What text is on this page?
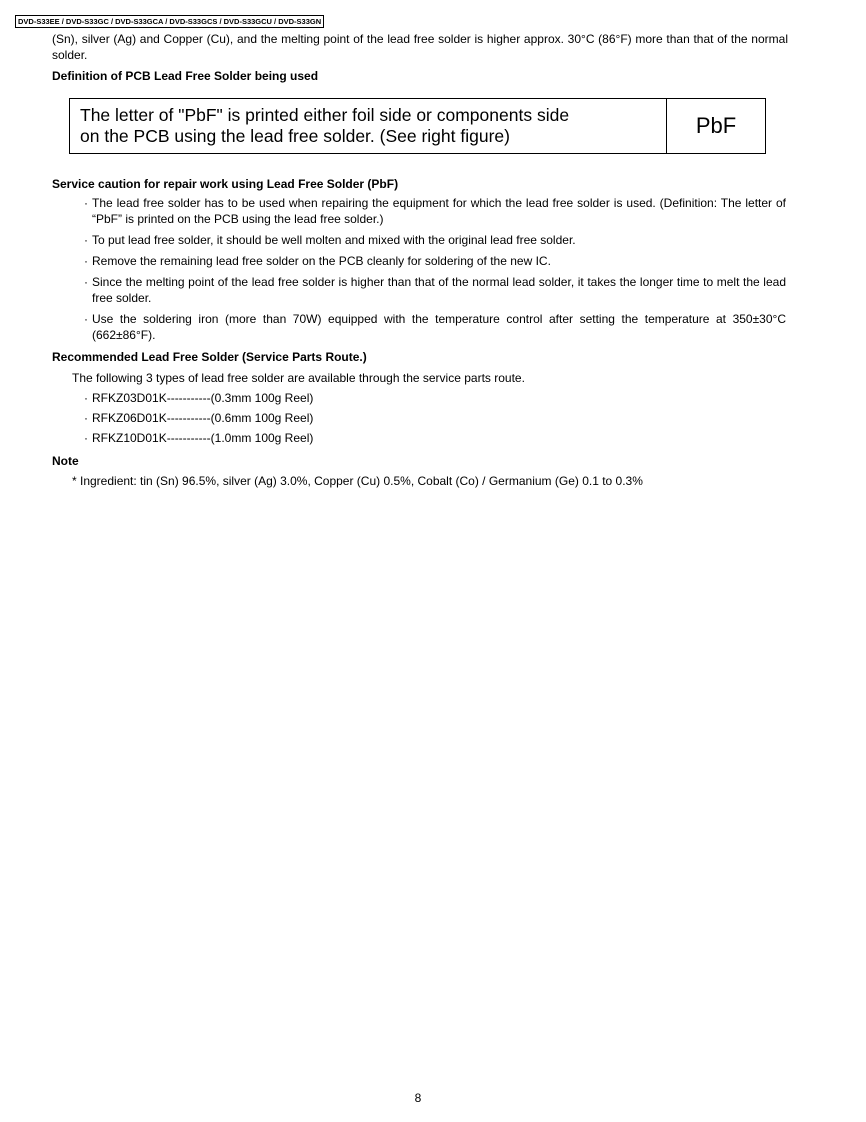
DVD-S33EE / DVD-S33GC / DVD-S33GCA / DVD-S33GCS / DVD-S33GCU / DVD-S33GN
(Sn), silver (Ag) and Copper (Cu), and the melting point of the lead free solder is higher approx. 30°C (86°F) more than that of the normal solder.
Definition of PCB Lead Free Solder being used
The letter of "PbF" is printed either foil side or components side
on the PCB using the lead free solder. (See right figure)	PbF
Service caution for repair work using Lead Free Solder (PbF)
· The lead free solder has to be used when repairing the equipment for which the lead free solder is used. (Definition: The letter of “PbF” is printed on the PCB using the lead free solder.)
· To put lead free solder, it should be well molten and mixed with the original lead free solder.
· Remove the remaining lead free solder on the PCB cleanly for soldering of the new IC.
· Since the melting point of the lead free solder is higher than that of the normal lead solder, it takes the longer time to melt the lead free solder.
· Use the soldering iron (more than 70W) equipped with the temperature control after setting the temperature at 350±30°C (662±86°F).
Recommended Lead Free Solder (Service Parts Route.)
The following 3 types of lead free solder are available through the service parts route.
· RFKZ03D01K-----------(0.3mm 100g Reel)
· RFKZ06D01K-----------(0.6mm 100g Reel)
· RFKZ10D01K-----------(1.0mm 100g Reel)
Note
* Ingredient: tin (Sn) 96.5%, silver (Ag) 3.0%, Copper (Cu) 0.5%, Cobalt (Co) / Germanium (Ge) 0.1 to 0.3%
8
